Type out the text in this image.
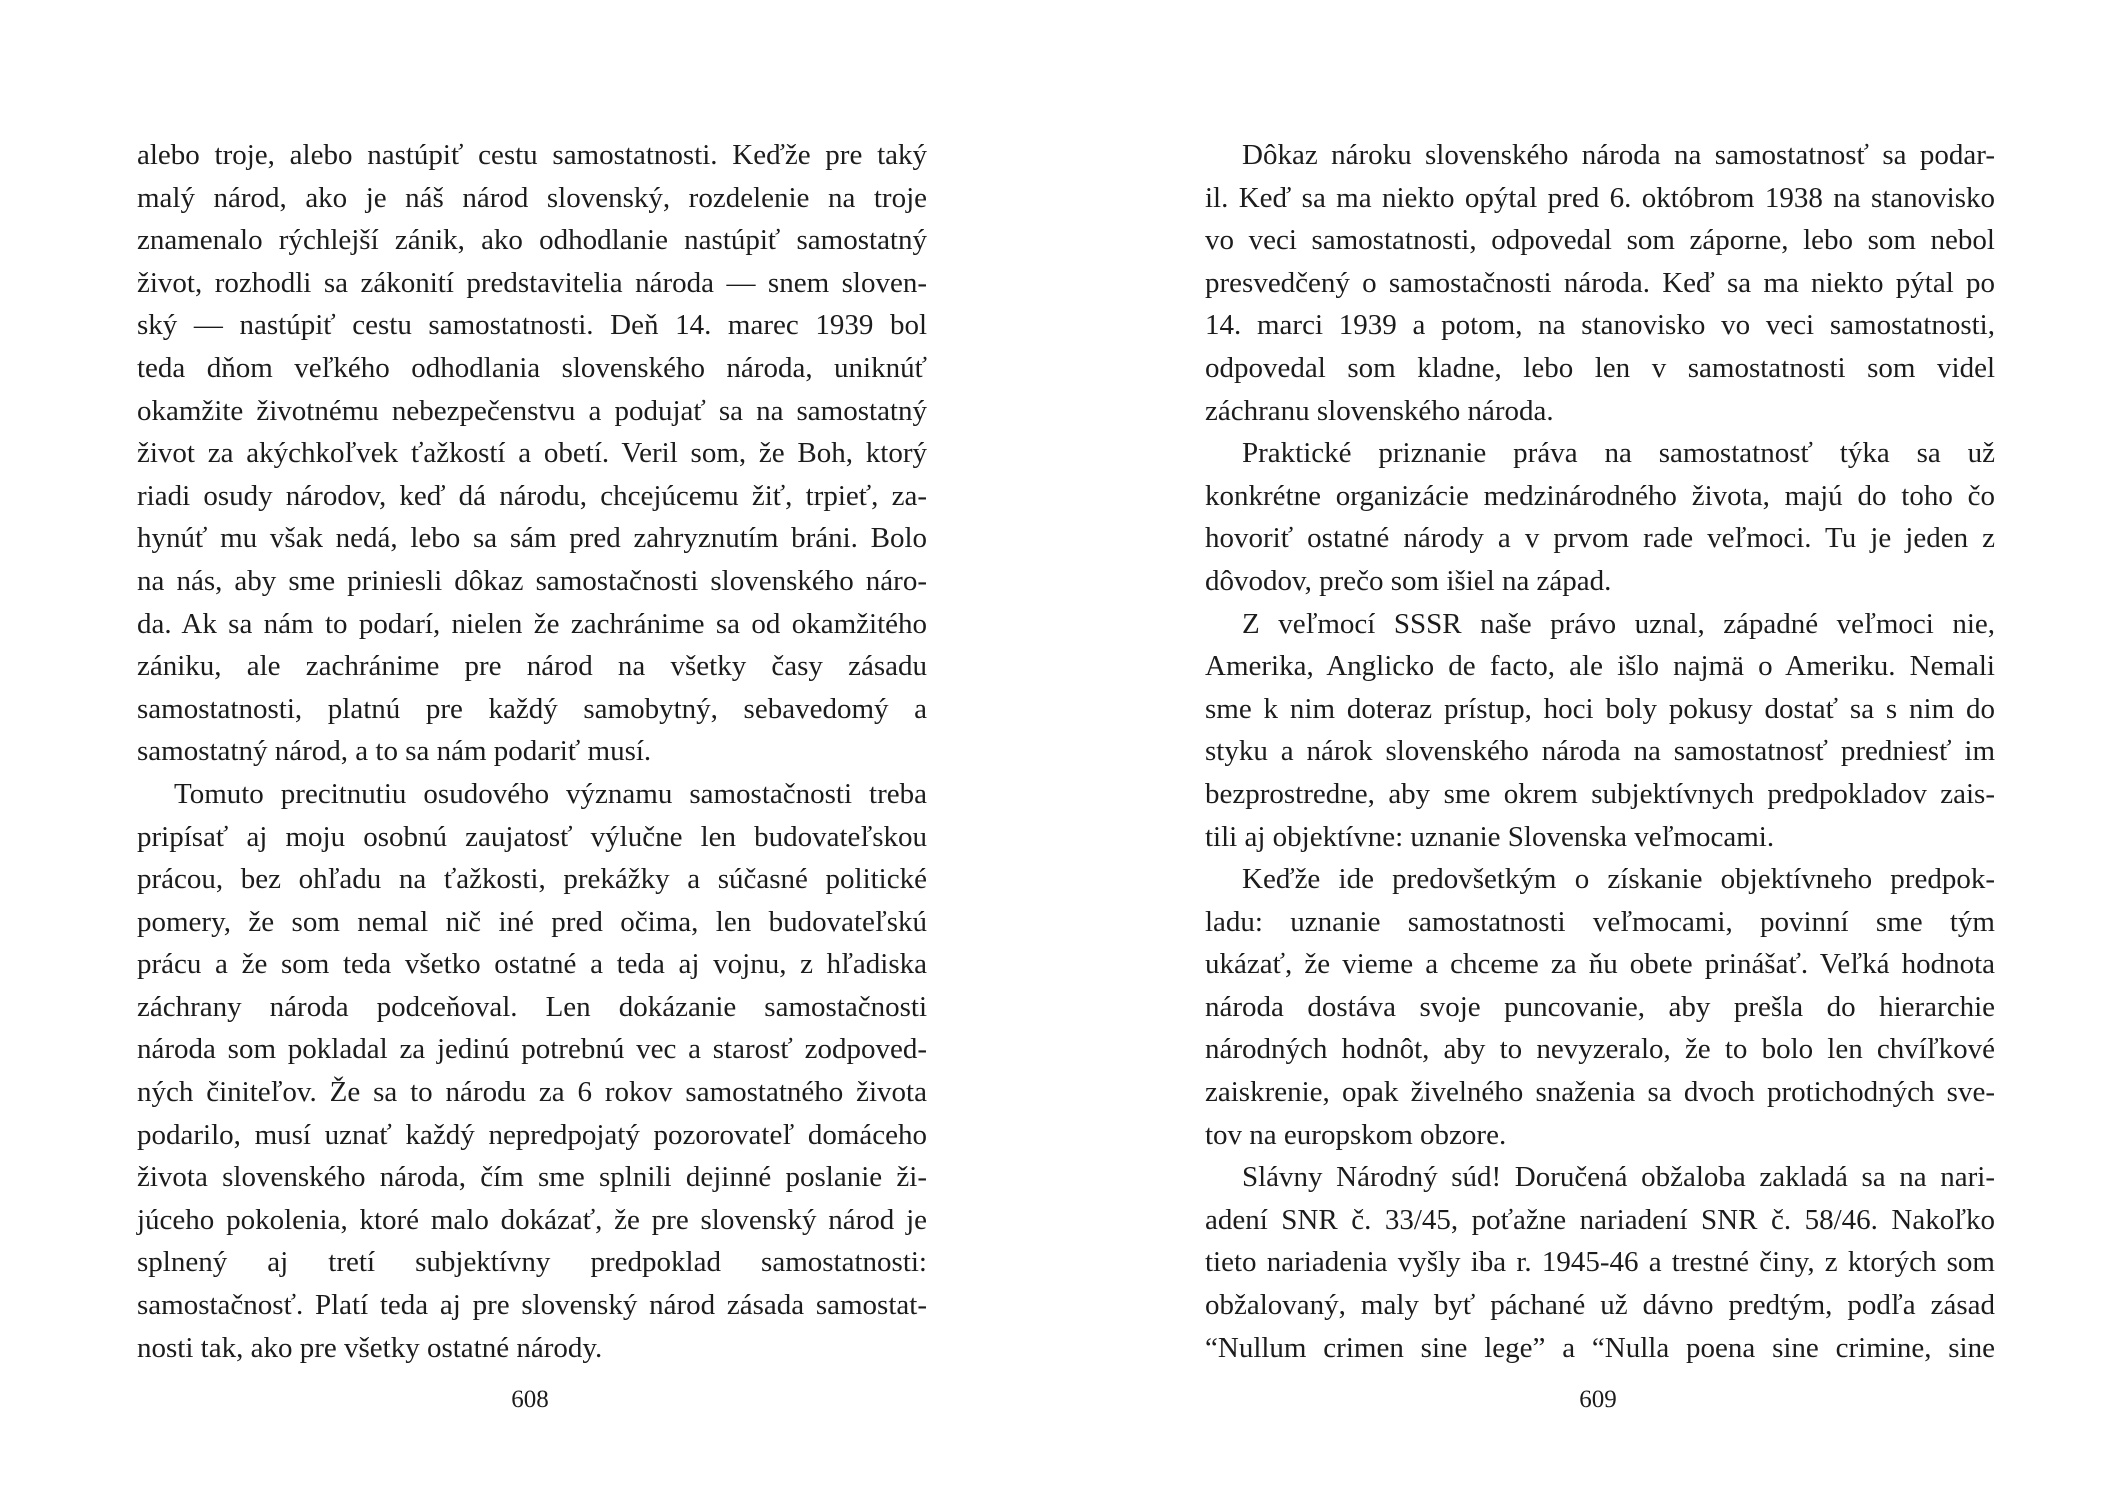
alebo troje, alebo nastúpiť cestu samostatnosti. Keďže pre taký
malý národ, ako je náš národ slovenský, rozdelenie na troje
znamenalo rýchlejší zánik, ako odhodlanie nastúpiť samostatný
život, rozhodli sa zákonití predstavitelia národa — snem sloven-
ský — nastúpiť cestu samostatnosti. Deň 14. marec 1939 bol
teda dňom veľkého odhodlania slovenského národa, uniknúť
okamžite životnému nebezpečenstvu a podujať sa na samostatný
život za akýchkoľvek ťažkostí a obetí. Veril som, že Boh, ktorý
riadi osudy národov, keď dá národu, chcejúcemu žiť, trpieť, za-
hynúť mu však nedá, lebo sa sám pred zahryznutím bráni. Bolo
na nás, aby sme priniesli dôkaz samostačnosti slovenského náro-
da. Ak sa nám to podarí, nielen že zachránime sa od okamžitého
zániku, ale zachránime pre národ na všetky časy zásadu
samostatnosti, platnú pre každý samobytný, sebavedomý a
samostatný národ, a to sa nám podariť musí.
Tomuto precitnutiu osudového významu samostačnosti treba
pripísať aj moju osobnú zaujatosť výlučne len budovateľskou
prácou, bez ohľadu na ťažkosti, prekážky a súčasné politické
pomery, že som nemal nič iné pred očima, len budovateľskú
prácu a že som teda všetko ostatné a teda aj vojnu, z hľadiska
záchrany národa podceňoval. Len dokázanie samostačnosti
národa som pokladal za jedinú potrebnú vec a starosť zodpoved-
ných činiteľov. Že sa to národu za 6 rokov samostatného života
podarilo, musí uznať každý nepredpojatý pozorovateľ domáceho
života slovenského národa, čím sme splnili dejinné poslanie ži-
júceho pokolenia, ktoré malo dokázať, že pre slovenský národ je
splnený aj tretí subjektívny predpoklad samostatnosti:
samostačnosť. Platí teda aj pre slovenský národ zásada samostat-
nosti tak, ako pre všetky ostatné národy.
608
Dôkaz nároku slovenského národa na samostatnosť sa podar-
il. Keď sa ma niekto opýtal pred 6. októbrom 1938 na stanovisko
vo veci samostatnosti, odpovedal som záporne, lebo som nebol
presvedčený o samostačnosti národa. Keď sa ma niekto pýtal po
14. marci 1939 a potom, na stanovisko vo veci samostatnosti,
odpovedal som kladne, lebo len v samostatnosti som videl
záchranu slovenského národa.
Praktické priznanie práva na samostatnosť týka sa už
konkrétne organizácie medzinárodného života, majú do toho čo
hovoriť ostatné národy a v prvom rade veľmoci. Tu je jeden z
dôvodov, prečo som išiel na západ.
Z veľmocí SSSR naše právo uznal, západné veľmoci nie,
Amerika, Anglicko de facto, ale išlo najmä o Ameriku. Nemali
sme k nim doteraz prístup, hoci boly pokusy dostať sa s nim do
styku a nárok slovenského národa na samostatnosť predniesť im
bezprostredne, aby sme okrem subjektívnych predpokladov zais-
tili aj objektívne: uznanie Slovenska veľmocami.
Keďže ide predovšetkým o získanie objektívneho predpok-
ladu: uznanie samostatnosti veľmocami, povinní sme tým
ukázať, že vieme a chceme za ňu obete prinášať. Veľká hodnota
národa dostáva svoje puncovanie, aby prešla do hierarchie
národných hodnôt, aby to nevyzeralo, že to bolo len chvíľkové
zaiskrenie, opak živelného snaženia sa dvoch protichodných sve-
tov na europskom obzore.
Slávny Národný súd! Doručená obžaloba zakladá sa na nari-
adení SNR č. 33/45, poťažne nariadení SNR č. 58/46. Nakoľko
tieto nariadenia vyšly iba r. 1945-46 a trestné činy, z ktorých som
obžalovaný, maly byť páchané už dávno predtým, podľa zásad
“Nullum crimen sine lege” a “Nulla poena sine crimine, sine
609
